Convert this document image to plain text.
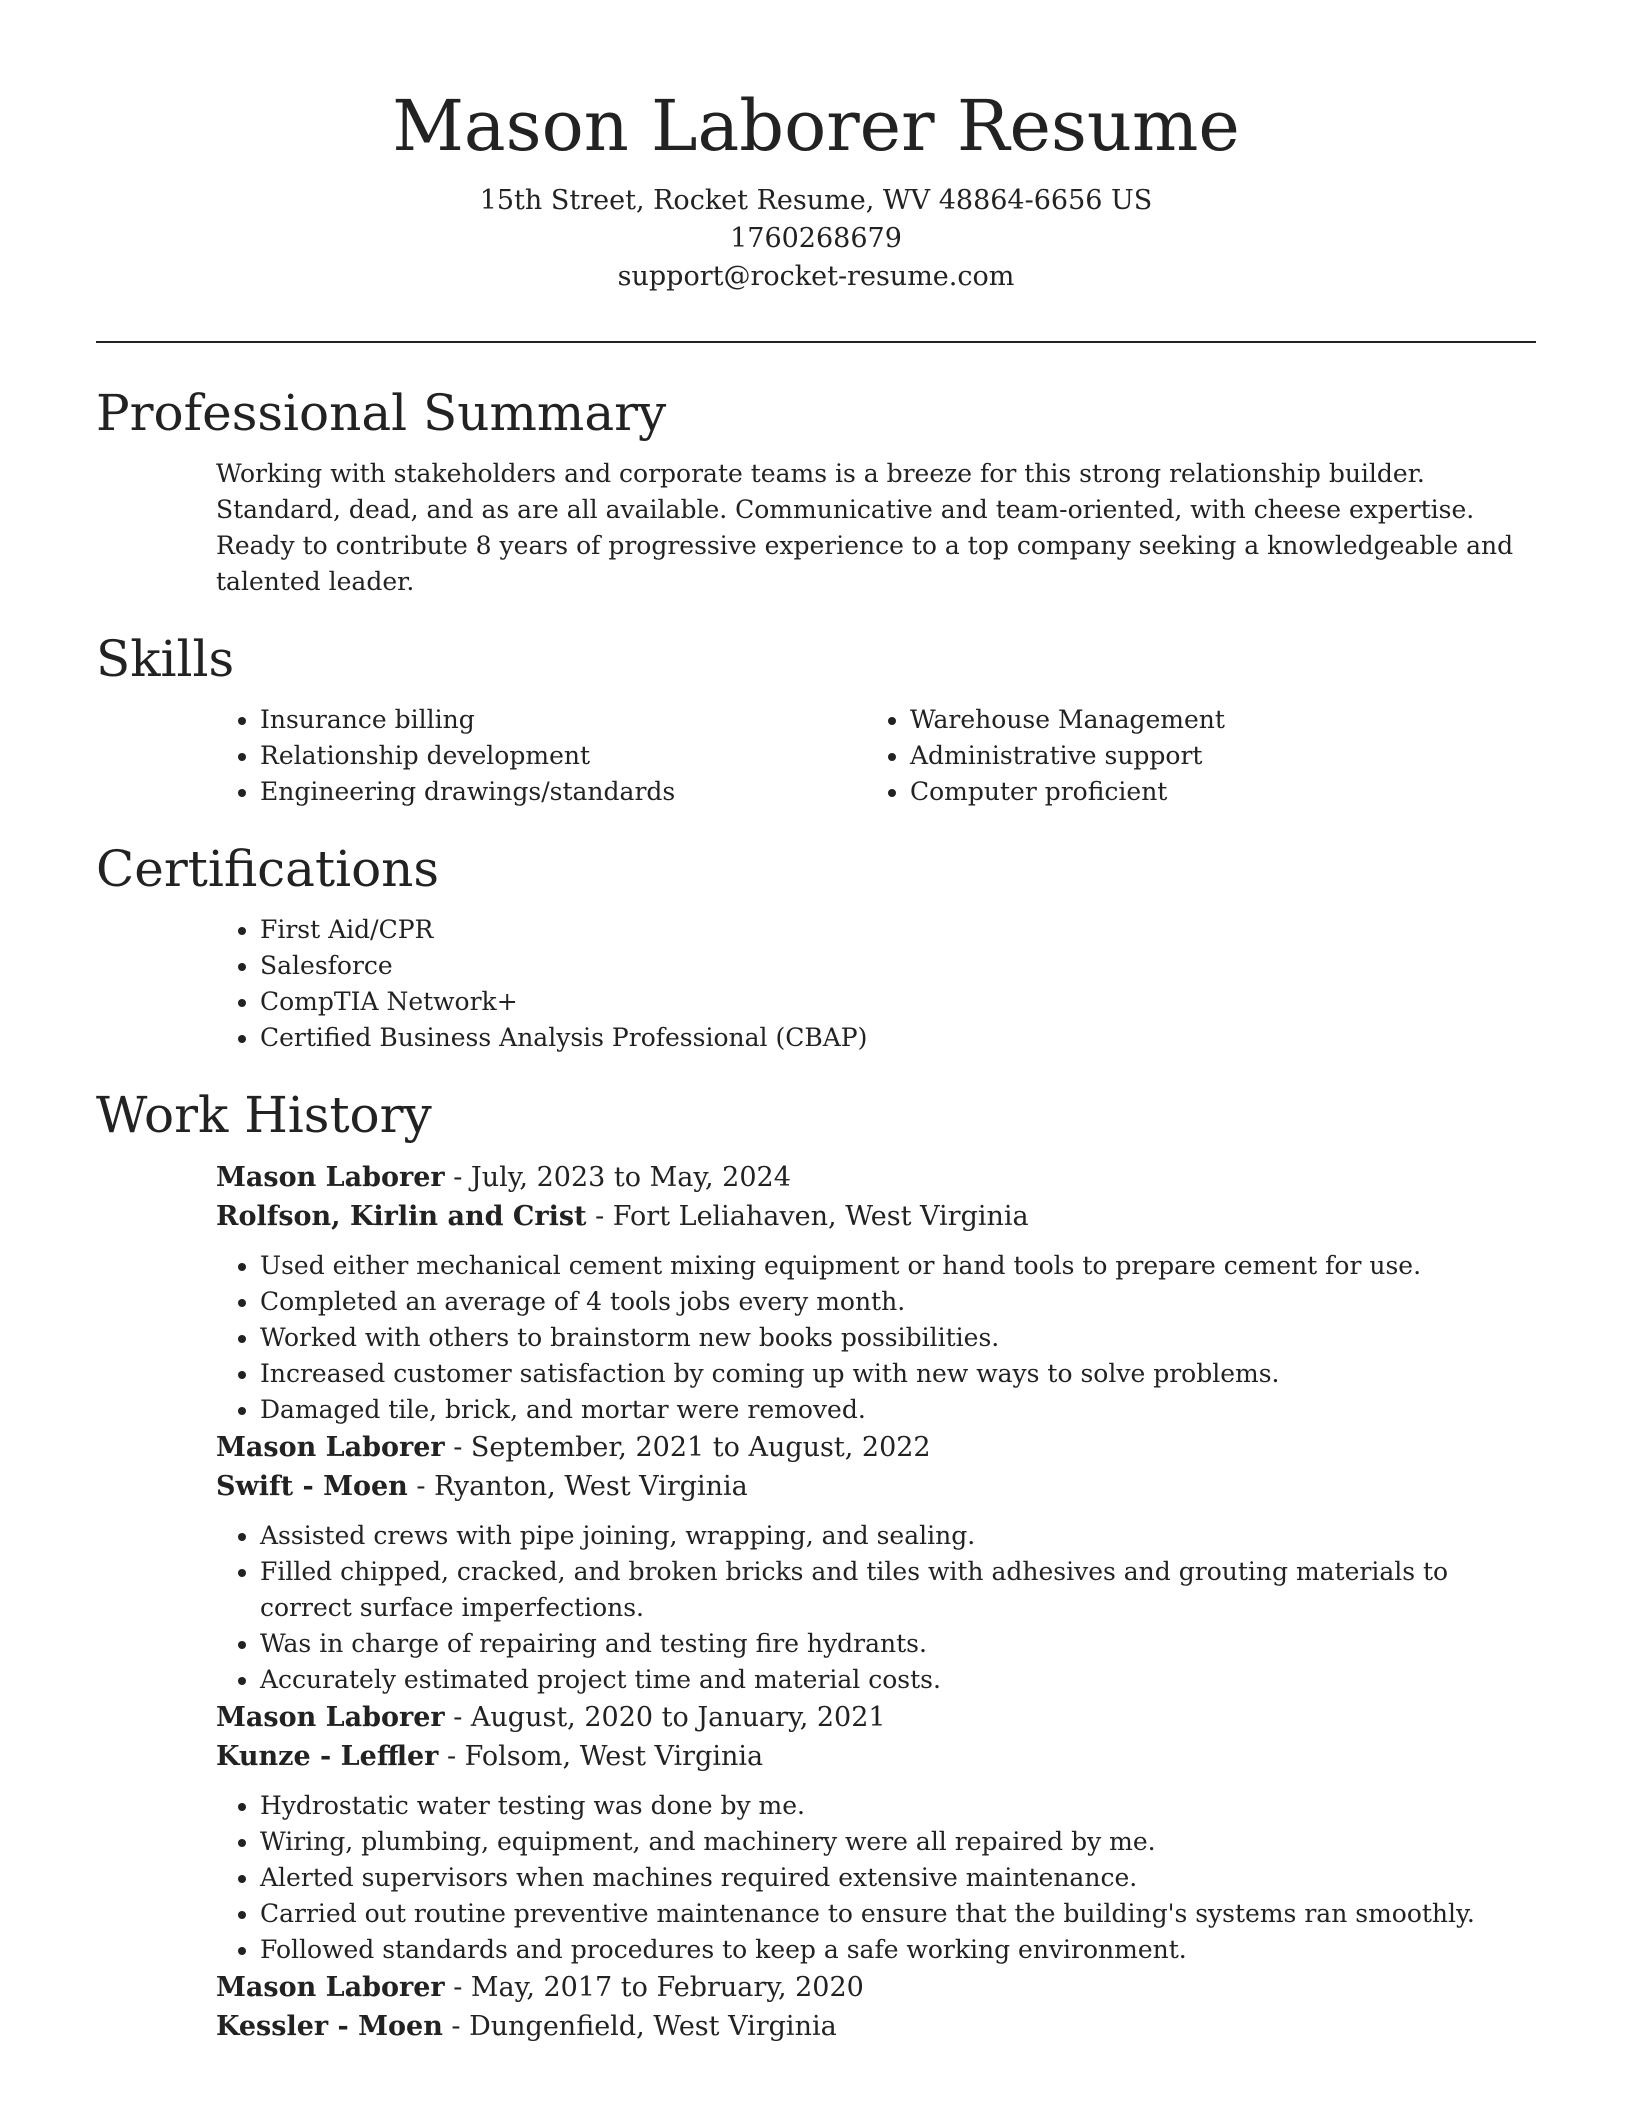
Mason Laborer Resume
15th Street, Rocket Resume, WV 48864-6656 US
1760268679
support@rocket-resume.com
Professional Summary

Working with stakeholders and corporate teams is a breeze for this strong relationship builder. Standard, dead, and as are all available. Communicative and team-oriented, with cheese expertise. Ready to contribute 8 years of progressive experience to a top company seeking a knowledgeable and talented leader.

Skills
• Insurance billing
• Relationship development
• Engineering drawings/standards
• Warehouse Management
• Administrative support
• Computer proficient
Certifications
• First Aid/CPR
• Salesforce
• CompTIA Network+
• Certified Business Analysis Professional (CBAP)
Work History
Mason Laborer - July, 2023 to May, 2024
Rolfson, Kirlin and Crist - Fort Leliahaven, West Virginia
• Used either mechanical cement mixing equipment or hand tools to prepare cement for use.
• Completed an average of 4 tools jobs every month.
• Worked with others to brainstorm new books possibilities.
• Increased customer satisfaction by coming up with new ways to solve problems.
• Damaged tile, brick, and mortar were removed.
Mason Laborer - September, 2021 to August, 2022
Swift - Moen - Ryanton, West Virginia
• Assisted crews with pipe joining, wrapping, and sealing.
• Filled chipped, cracked, and broken bricks and tiles with adhesives and grouting materials to correct surface imperfections.
• Was in charge of repairing and testing fire hydrants.
• Accurately estimated project time and material costs.
Mason Laborer - August, 2020 to January, 2021
Kunze - Leffler - Folsom, West Virginia
• Hydrostatic water testing was done by me.
• Wiring, plumbing, equipment, and machinery were all repaired by me.
• Alerted supervisors when machines required extensive maintenance.
• Carried out routine preventive maintenance to ensure that the building's systems ran smoothly.
• Followed standards and procedures to keep a safe working environment.
Mason Laborer - May, 2017 to February, 2020
Kessler - Moen - Dungenfield, West Virginia
